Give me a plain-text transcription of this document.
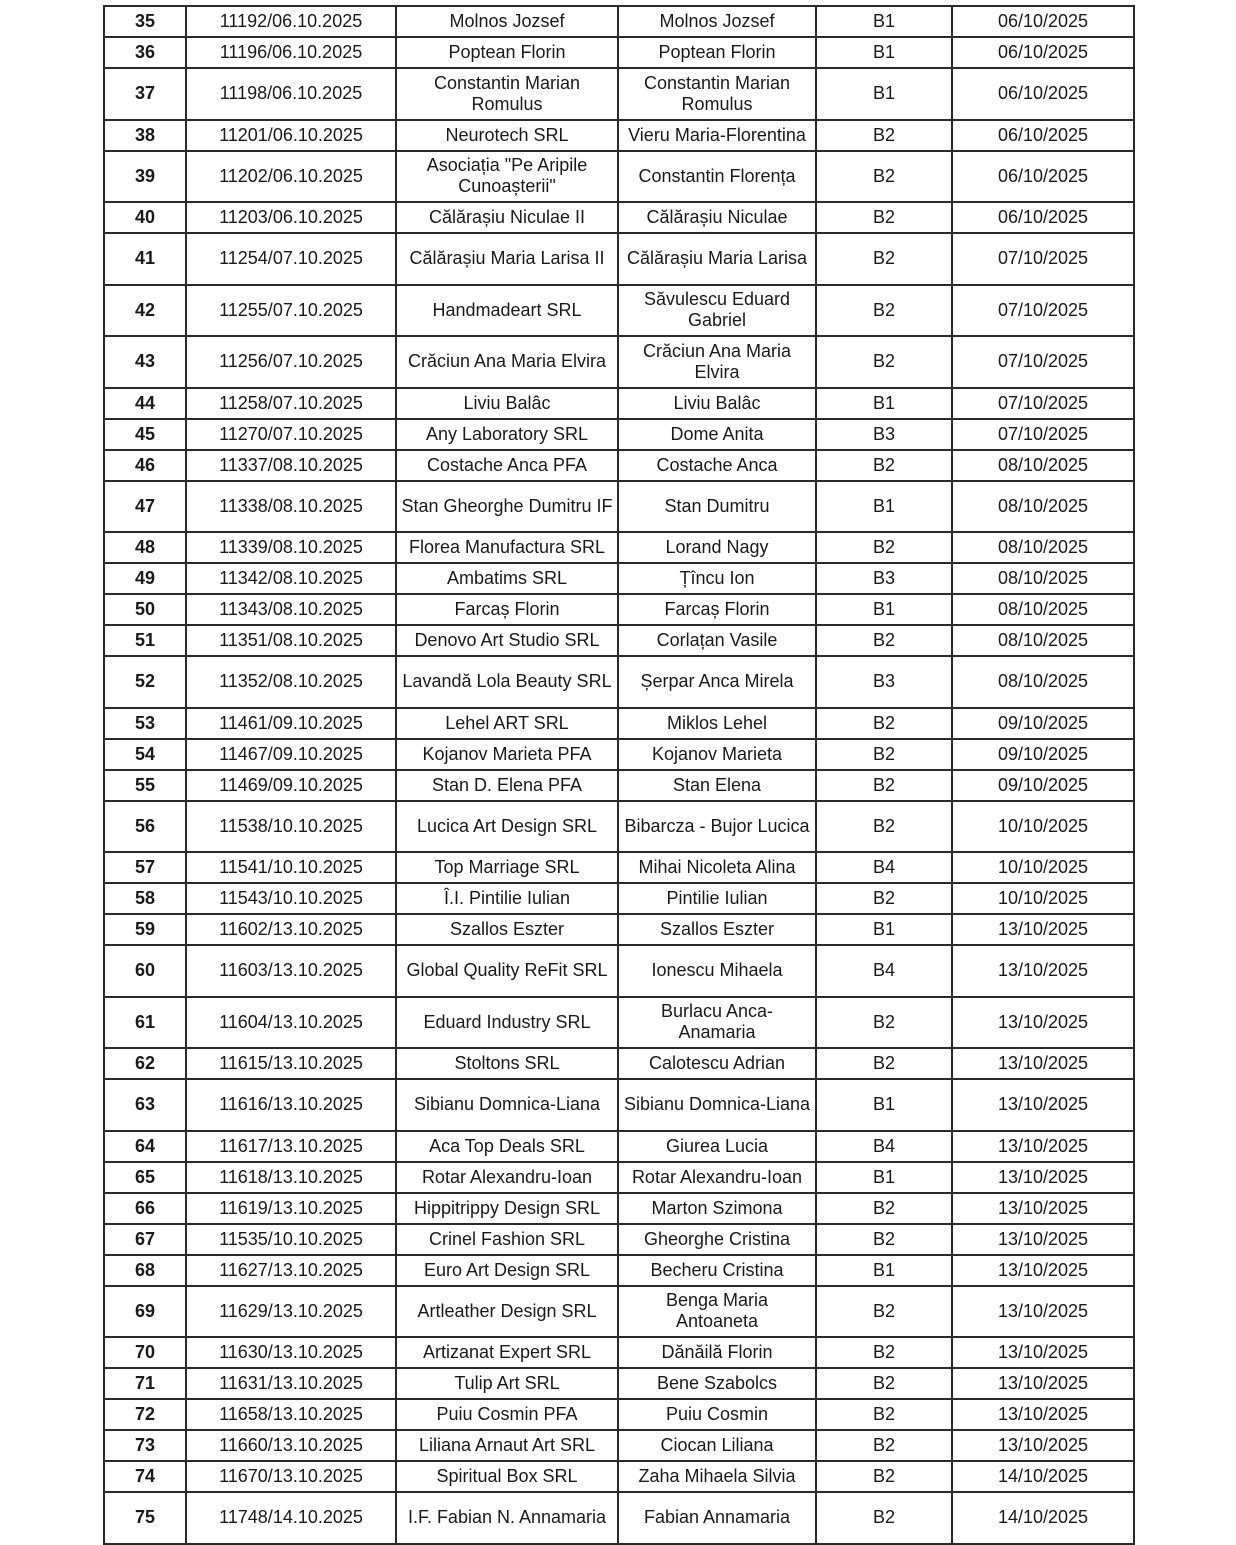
35	11192/06.10.2025	Molnos Jozsef	Molnos Jozsef	B1	06/10/2025
36	11196/06.10.2025	Poptean Florin	Poptean Florin	B1	06/10/2025
37	11198/06.10.2025	Constantin Marian Romulus	Constantin Marian Romulus	B1	06/10/2025
38	11201/06.10.2025	Neurotech SRL	Vieru Maria-Florentina	B2	06/10/2025
39	11202/06.10.2025	Asociația "Pe Aripile Cunoașterii"	Constantin Florența	B2	06/10/2025
40	11203/06.10.2025	Călărașiu Niculae II	Călărașiu Niculae	B2	06/10/2025
41	11254/07.10.2025	Călărașiu Maria Larisa II	Călărașiu Maria Larisa	B2	07/10/2025
42	11255/07.10.2025	Handmadeart SRL	Săvulescu Eduard Gabriel	B2	07/10/2025
43	11256/07.10.2025	Crăciun Ana Maria Elvira	Crăciun Ana Maria Elvira	B2	07/10/2025
44	11258/07.10.2025	Liviu Balâc	Liviu Balâc	B1	07/10/2025
45	11270/07.10.2025	Any Laboratory SRL	Dome Anita	B3	07/10/2025
46	11337/08.10.2025	Costache Anca PFA	Costache Anca	B2	08/10/2025
47	11338/08.10.2025	Stan Gheorghe Dumitru IF	Stan Dumitru	B1	08/10/2025
48	11339/08.10.2025	Florea Manufactura SRL	Lorand Nagy	B2	08/10/2025
49	11342/08.10.2025	Ambatims SRL	Țîncu Ion	B3	08/10/2025
50	11343/08.10.2025	Farcaș Florin	Farcaș Florin	B1	08/10/2025
51	11351/08.10.2025	Denovo Art Studio SRL	Corlațan Vasile	B2	08/10/2025
52	11352/08.10.2025	Lavandă Lola Beauty SRL	Șerpar Anca Mirela	B3	08/10/2025
53	11461/09.10.2025	Lehel ART SRL	Miklos Lehel	B2	09/10/2025
54	11467/09.10.2025	Kojanov Marieta PFA	Kojanov Marieta	B2	09/10/2025
55	11469/09.10.2025	Stan D. Elena PFA	Stan Elena	B2	09/10/2025
56	11538/10.10.2025	Lucica Art Design SRL	Bibarcza - Bujor Lucica	B2	10/10/2025
57	11541/10.10.2025	Top Marriage SRL	Mihai Nicoleta Alina	B4	10/10/2025
58	11543/10.10.2025	Î.I. Pintilie Iulian	Pintilie Iulian	B2	10/10/2025
59	11602/13.10.2025	Szallos Eszter	Szallos Eszter	B1	13/10/2025
60	11603/13.10.2025	Global Quality ReFit SRL	Ionescu Mihaela	B4	13/10/2025
61	11604/13.10.2025	Eduard Industry SRL	Burlacu Anca-Anamaria	B2	13/10/2025
62	11615/13.10.2025	Stoltons SRL	Calotescu Adrian	B2	13/10/2025
63	11616/13.10.2025	Sibianu Domnica-Liana	Sibianu Domnica-Liana	B1	13/10/2025
64	11617/13.10.2025	Aca Top Deals SRL	Giurea Lucia	B4	13/10/2025
65	11618/13.10.2025	Rotar Alexandru-Ioan	Rotar Alexandru-Ioan	B1	13/10/2025
66	11619/13.10.2025	Hippitrippy Design SRL	Marton Szimona	B2	13/10/2025
67	11535/10.10.2025	Crinel Fashion SRL	Gheorghe Cristina	B2	13/10/2025
68	11627/13.10.2025	Euro Art Design SRL	Becheru Cristina	B1	13/10/2025
69	11629/13.10.2025	Artleather Design SRL	Benga Maria Antoaneta	B2	13/10/2025
70	11630/13.10.2025	Artizanat Expert SRL	Dănăilă Florin	B2	13/10/2025
71	11631/13.10.2025	Tulip Art SRL	Bene Szabolcs	B2	13/10/2025
72	11658/13.10.2025	Puiu Cosmin PFA	Puiu Cosmin	B2	13/10/2025
73	11660/13.10.2025	Liliana Arnaut Art SRL	Ciocan Liliana	B2	13/10/2025
74	11670/13.10.2025	Spiritual Box SRL	Zaha Mihaela Silvia	B2	14/10/2025
75	11748/14.10.2025	I.F. Fabian N. Annamaria	Fabian Annamaria	B2	14/10/2025
